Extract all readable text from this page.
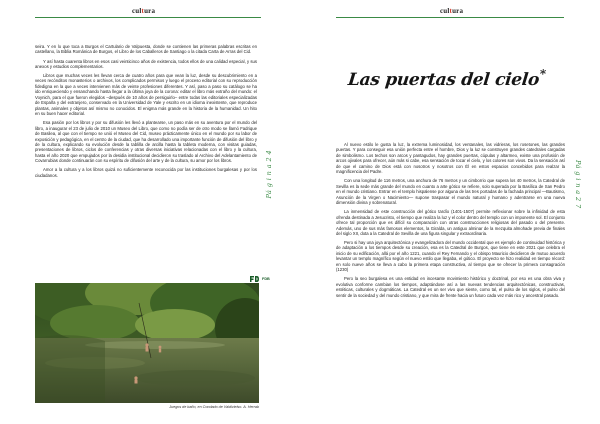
cultura

seira. Y en lo que toca a Burgos el Cartulario de Valpuesta, donde se contienen las primeras palabras escritas en castellano, la Biblia Románica de Burgos, el Libro de los Caballeros de Santiago o la citada Carta de Arras del Cid.

Y así hasta cuarenta libros en esos casi veinticinco años de existencia, todos ellos de una calidad especial, y sus anexos y estudios complementarios.

Libros que muchas veces les llevan cerca de cuatro años para que vean la luz, desde su descubrimiento en a veces recónditos monasterios o archivos, los complicados permisos y luego el proceso editorial con su reproducción fidedigna en la que a veces intervienen más de veinte profesiones diferentes. Y así, paso a paso su catálogo se ha ido enriqueciendo y ensanchando hasta llegar a la última joya de la corona: editar el libro más extraño del mundo: el Voynich, para el que fueron elegidos –después de 10 años de persiguirlo– entre todas las editoriales especializadas de España y del extranjero, conservado en la Universidad de Yale y escrito en un idioma inexistente, que reproduce plantas, animales y objetos así mismo no conocidos. El enigma más grande en la historia de la humanidad. Un hito en su buen hacer editorial.

Esa pasión por los libros y por su difusión les llevó a plantearse, un paso más en su aventura por el mundo del libro, a inaugurar el 23 de julio de 2010 un Museo del Libro, que como no podía ser de otro modo se llamó Fadrique de Basilea, al que con el tiempo se unió el Museo del Cid, museo prácticamente único en el mundo por su labor de exposición y pedagógica, en el centro de la ciudad, que ha desarrollado una importante función de difusión del libro y de la cultura, explicando su evolución desde la tablilla de arcilla hasta la tableta moderna, con visitas guiadas, presentaciones de libros, ciclos de conferencias y otras diversas iniciativas relacionadas con el libro y la cultura, hasta el año 2020 que empujados por la desidia institucional decidieron su traslado al Archivo del Adelantamiento de Covarrubias donde continuarán con su espíritu de difusión del arte y de la cultura, su amor por los libros.

Amor a la cultura y a los libros quizá no suficientemente reconocida por las instituciones burgalesas y por los ciudadanos.	Pá g i n a 2 4
FDB
Juegos de baño, en Condado de Valdivielso. A. Herrab
cultura
Las puertas del cielo*

Al nuevo estilo le gusta la luz, la extrema luminosidad, los ventanales, las vidrieras, los rosetones, las grandes puertas. Y para conseguir esa unión perfecta entre el hombre, Dios y la luz se construyen grandes catedrales cargadas de simbolismo. Los techos son arcos y pantagudos, hay grandes puertas, cúpulas y altarmeo, existe una profusión de arcos ojivales para ofrecer, aún más si cabe, esa sensación de tocar el cielo, y los colores son vivos. Da la sensación así de que el camino de Dios está con nosotros y nosotros con Él en estos espacios concebidos para realzar la magnificencia del Padre.

Con una longitud de 116 metros, una anchura de 76 metros y un cimborrio que supera los 40 metros, la Catedral de Sevilla es la sede más grande del mundo en cuanto a arte gótico se refiere, solo superada por la Basílica de San Pedro en el mundo cristiano. Entrar en el templo hispalense por alguna de las tres portadas de la fachada principal —Bautismo, Asunción de la Virgen o Nacimiento— supone traspasar el mundo natural y humano y adentrarse en una nueva dimensión divina y sobrenatural.

La inmensidad de este construcción del gótico tardío (1401-1507) permite reflexionar sobre la infinidad de esta ofrenda destinada a Jesucristo, el tiempo que realiza la luz y el color dentro del templo con un imponente sol. El conjunto ofrece tal proporción que es difícil su comparación con otras construcciones religiosas del pasado o del presente. Además, uno de sus más famosos elementos, la Giralda, un antiguo alminar de la mezquita almohade previa de finales del siglo XII, dota a la Catedral de Sevilla de una figura singular y extraordinaria.

Pero si hay una joya arquitectónica y evangelizadora del mundo occidental que es ejemplo de continuidad histórica y de adaptación a los tiempos desde su creación, esa es la Catedral de Burgos, que tiene en este 2021 que celebra el inicio de su edificación, allá por el año 1221, cuando el Rey Fernando y el obispo Mauricio decidieron de mutuo acuerdo levantar un templo magnífico según el nuevo estilo que llegaba, el gótico. El proyecto se hizo realidad en tiempo récord: en solo nueve años se lleva a cabo la primera etapa constructiva, al tiempo que se ofrecer la primera consagración (1230)

Pero la seo burgalesa es una entidad en incesante movimiento histórico y doctrinal, por eso es una obra viva y evolutiva conforme cambian los tiempos, adaptándose así a las nuevas tendencias arquitectónicas, constructivas, estéticas, culturales y dogmáticas. La Catedral es un ser vivo que siente, como tal, el pulso de los siglos, el pulso del sentir de la sociedad y del mundo cristiano, y que mira de frente hacia un futuro cada vez más rico y ancestral pasado.

Pá g i n a 2 7
